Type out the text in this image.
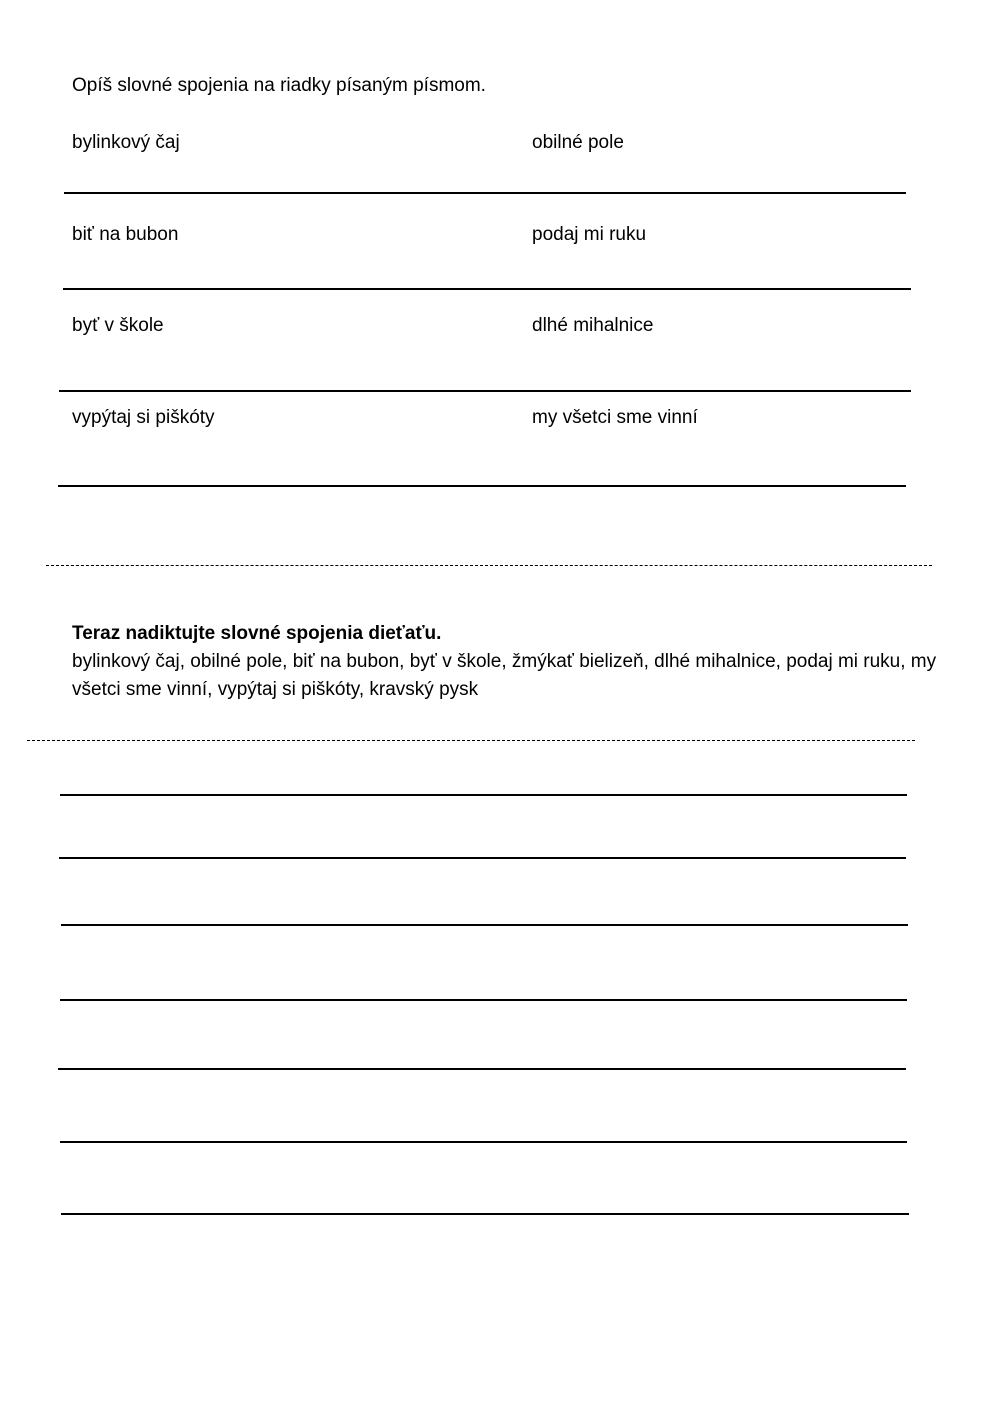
Opíš slovné spojenia na riadky písaným písmom.
bylinkový čaj	obilné pole
biť na bubon	podaj mi ruku
byť v škole	dlhé mihalnice
vypýtaj si piškóty	my všetci sme vinní
Teraz nadiktujte slovné spojenia dieťaťu.
bylinkový čaj, obilné pole, biť na bubon, byť v škole, žmýkať bielizeň, dlhé mihalnice, podaj mi ruku, my všetci sme vinní, vypýtaj si piškóty, kravský pysk
